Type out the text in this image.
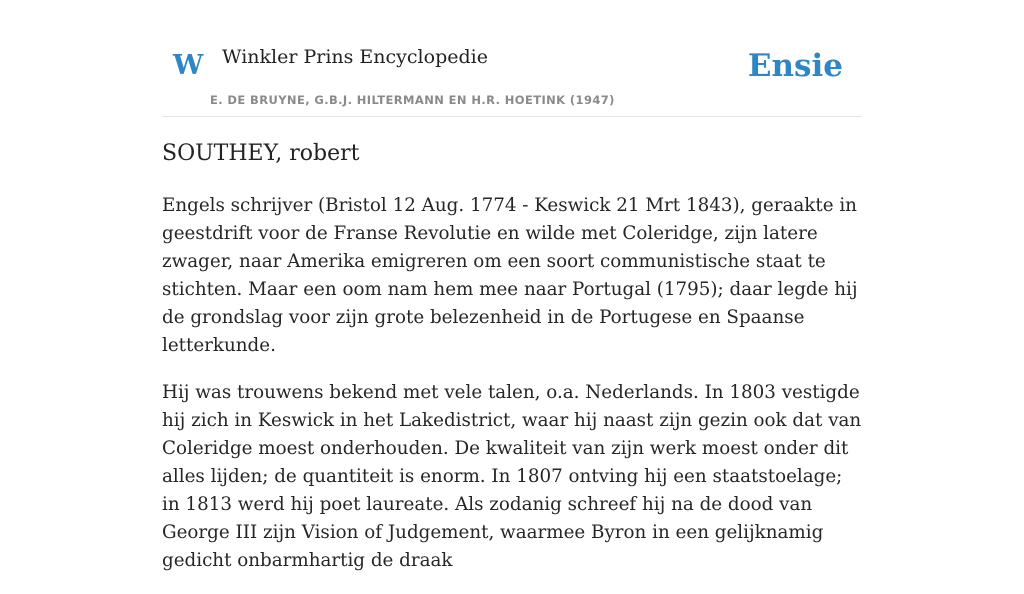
W Winkler Prins Encyclopedie
E. DE BRUYNE, G.B.J. HILTERMANN EN H.R. HOETINK (1947)
Ensie
SOUTHEY, robert

Engels schrijver (Bristol 12 Aug. 1774 - Keswick 21 Mrt 1843), geraakte in geestdrift voor de Franse Revolutie en wilde met Coleridge, zijn latere zwager, naar Amerika emigreren om een soort communistische staat te stichten. Maar een oom nam hem mee naar Portugal (1795); daar legde hij de grondslag voor zijn grote belezenheid in de Portugese en Spaanse letterkunde.

Hij was trouwens bekend met vele talen, o.a. Nederlands. In 1803 vestigde hij zich in Keswick in het Lakedistrict, waar hij naast zijn gezin ook dat van Coleridge moest onderhouden. De kwaliteit van zijn werk moest onder dit alles lijden; de quantiteit is enorm. In 1807 ontving hij een staatstoelage; in 1813 werd hij poet laureate. Als zodanig schreef hij na de dood van George III zijn Vision of Judgement, waarmee Byron in een gelijknamig gedicht onbarmhartig de draak
